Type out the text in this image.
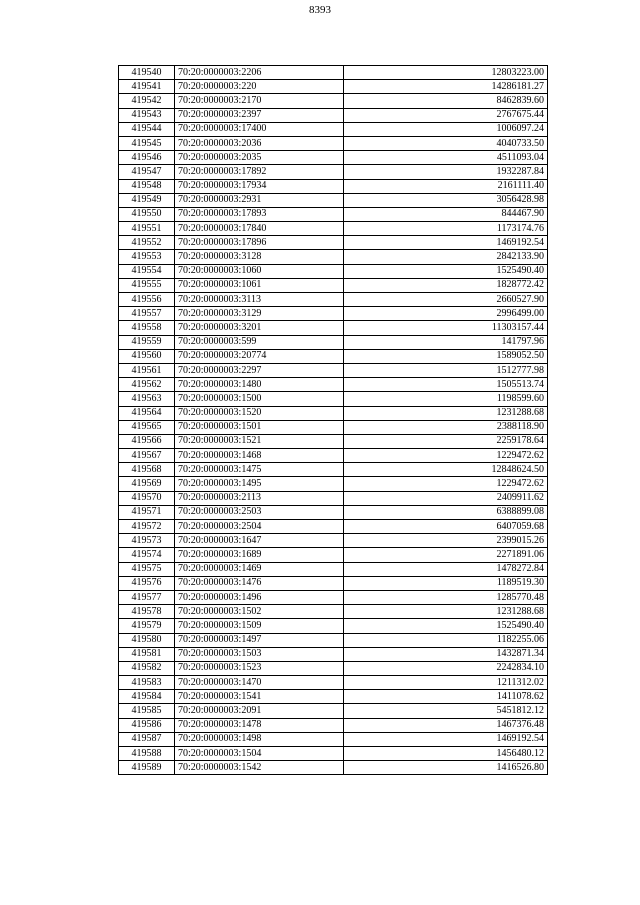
8393
419540	70:20:0000003:2206	12803223.00
419541	70:20:0000003:220	14286181.27
419542	70:20:0000003:2170	8462839.60
419543	70:20:0000003:2397	2767675.44
419544	70:20:0000003:17400	1006097.24
419545	70:20:0000003:2036	4040733.50
419546	70:20:0000003:2035	4511093.04
419547	70:20:0000003:17892	1932287.84
419548	70:20:0000003:17934	2161111.40
419549	70:20:0000003:2931	3056428.98
419550	70:20:0000003:17893	844467.90
419551	70:20:0000003:17840	1173174.76
419552	70:20:0000003:17896	1469192.54
419553	70:20:0000003:3128	2842133.90
419554	70:20:0000003:1060	1525490.40
419555	70:20:0000003:1061	1828772.42
419556	70:20:0000003:3113	2660527.90
419557	70:20:0000003:3129	2996499.00
419558	70:20:0000003:3201	11303157.44
419559	70:20:0000003:599	141797.96
419560	70:20:0000003:20774	1589052.50
419561	70:20:0000003:2297	1512777.98
419562	70:20:0000003:1480	1505513.74
419563	70:20:0000003:1500	1198599.60
419564	70:20:0000003:1520	1231288.68
419565	70:20:0000003:1501	2388118.90
419566	70:20:0000003:1521	2259178.64
419567	70:20:0000003:1468	1229472.62
419568	70:20:0000003:1475	12848624.50
419569	70:20:0000003:1495	1229472.62
419570	70:20:0000003:2113	2409911.62
419571	70:20:0000003:2503	6388899.08
419572	70:20:0000003:2504	6407059.68
419573	70:20:0000003:1647	2399015.26
419574	70:20:0000003:1689	2271891.06
419575	70:20:0000003:1469	1478272.84
419576	70:20:0000003:1476	1189519.30
419577	70:20:0000003:1496	1285770.48
419578	70:20:0000003:1502	1231288.68
419579	70:20:0000003:1509	1525490.40
419580	70:20:0000003:1497	1182255.06
419581	70:20:0000003:1503	1432871.34
419582	70:20:0000003:1523	2242834.10
419583	70:20:0000003:1470	1211312.02
419584	70:20:0000003:1541	1411078.62
419585	70:20:0000003:2091	5451812.12
419586	70:20:0000003:1478	1467376.48
419587	70:20:0000003:1498	1469192.54
419588	70:20:0000003:1504	1456480.12
419589	70:20:0000003:1542	1416526.80
